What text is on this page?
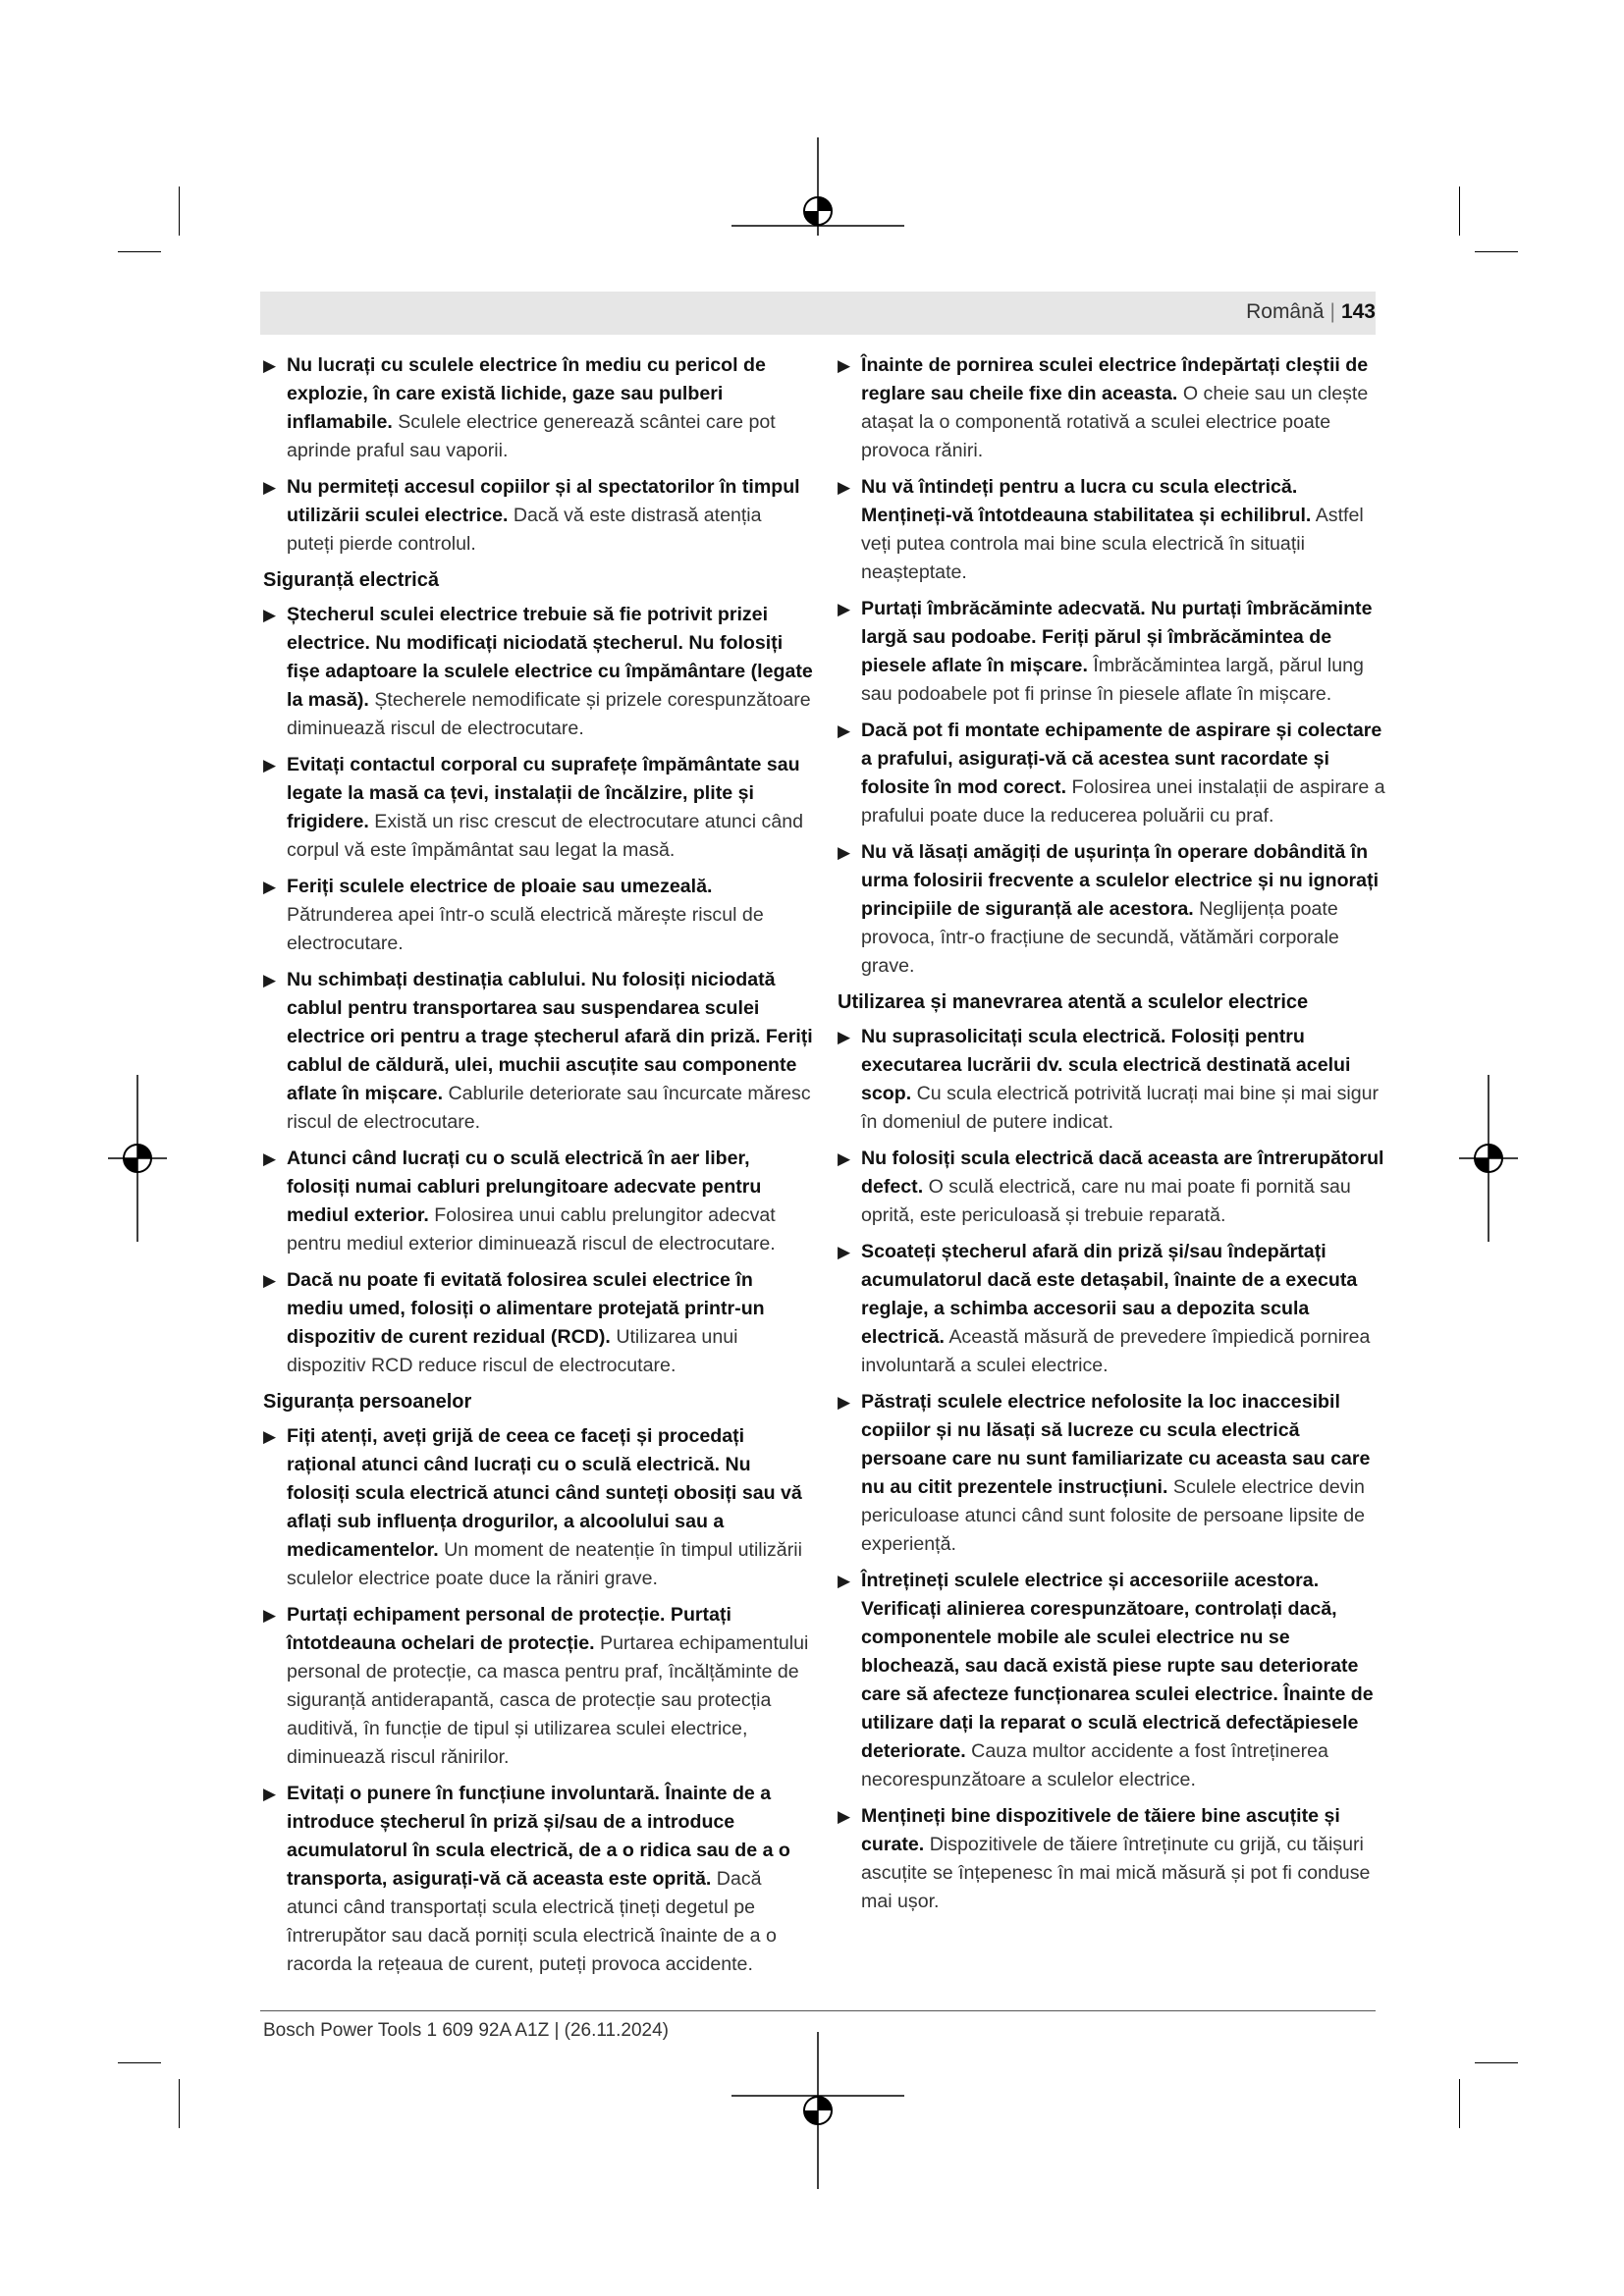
Română | 143
▶ Nu lucrați cu sculele electrice în mediu cu pericol de explozie, în care există lichide, gaze sau pulberi inflamabile. Sculele electrice generează scântei care pot aprinde praful sau vaporii.
▶ Nu permiteți accesul copiilor și al spectatorilor în timpul utilizării sculei electrice. Dacă vă este distrasă atenția puteți pierde controlul.
Siguranță electrică
▶ Ștecherul sculei electrice trebuie să fie potrivit prizei electrice. Nu modificați niciodată ștecherul. Nu folosiți fișe adaptoare la sculele electrice cu împământare (legate la masă). Ștecherele nemodificate și prizele corespunzătoare diminuează riscul de electrocutare.
▶ Evitați contactul corporal cu suprafețe împământate sau legate la masă ca țevi, instalații de încălzire, plite și frigidere. Există un risc crescut de electrocutare atunci când corpul vă este împământat sau legat la masă.
▶ Feriți sculele electrice de ploaie sau umezeală. Pătrunderea apei într-o sculă electrică mărește riscul de electrocutare.
▶ Nu schimbați destinația cablului. Nu folosiți niciodată cablul pentru transportarea sau suspendarea sculei electrice ori pentru a trage ștecherul afară din priză. Feriți cablul de căldură, ulei, muchii ascuțite sau componente aflate în mișcare. Cablurile deteriorate sau încurcate măresc riscul de electrocutare.
▶ Atunci când lucrați cu o sculă electrică în aer liber, folosiți numai cabluri prelungitoare adecvate pentru mediul exterior. Folosirea unui cablu prelungitor adecvat pentru mediul exterior diminuează riscul de electrocutare.
▶ Dacă nu poate fi evitată folosirea sculei electrice în mediu umed, folosiți o alimentare protejată printr-un dispozitiv de curent rezidual (RCD). Utilizarea unui dispozitiv RCD reduce riscul de electrocutare.
Siguranța persoanelor
▶ Fiți atenți, aveți grijă de ceea ce faceți și procedați rațional atunci când lucrați cu o sculă electrică. Nu folosiți scula electrică atunci când sunteți obosiți sau vă aflați sub influența drogurilor, a alcoolului sau a medicamentelor. Un moment de neatenție în timpul utilizării sculelor electrice poate duce la răniri grave.
▶ Purtați echipament personal de protecție. Purtați întotdeauna ochelari de protecție. Purtarea echipamentului personal de protecție, ca masca pentru praf, încălțăminte de siguranță antiderapantă, casca de protecție sau protecția auditivă, în funcție de tipul și utilizarea sculei electrice, diminuează riscul rănirilor.
▶ Evitați o punere în funcțiune involuntară. Înainte de a introduce ștecherul în priză și/sau de a introduce acumulatorul în scula electrică, de a o ridica sau de a o transporta, asigurați-vă că aceasta este oprită. Dacă atunci când transportați scula electrică țineți degetul pe întrerupător sau dacă porniți scula electrică înainte de a o racorda la rețeaua de curent, puteți provoca accidente.
▶ Înainte de pornirea sculei electrice îndepărtați cleștii de reglare sau cheile fixe din aceasta. O cheie sau un clește atașat la o componentă rotativă a sculei electrice poate provoca răniri.
▶ Nu vă întindeți pentru a lucra cu scula electrică. Mențineți-vă întotdeauna stabilitatea și echilibrul. Astfel veți putea controla mai bine scula electrică în situații neașteptate.
▶ Purtați îmbrăcăminte adecvată. Nu purtați îmbrăcăminte largă sau podoabe. Feriți părul și îmbrăcămintea de piesele aflate în mișcare. Îmbrăcămintea largă, părul lung sau podoabele pot fi prinse în piesele aflate în mișcare.
▶ Dacă pot fi montate echipamente de aspirare și colectare a prafului, asigurați-vă că acestea sunt racordate și folosite în mod corect. Folosirea unei instalații de aspirare a prafului poate duce la reducerea poluării cu praf.
▶ Nu vă lăsați amăgiți de ușurința în operare dobândită în urma folosirii frecvente a sculelor electrice și nu ignorați principiile de siguranță ale acestora. Neglijența poate provoca, într-o fracțiune de secundă, vătămări corporale grave.
Utilizarea și manevrarea atentă a sculelor electrice
▶ Nu suprasolicitați scula electrică. Folosiți pentru executarea lucrării dv. scula electrică destinată acelui scop. Cu scula electrică potrivită lucrați mai bine și mai sigur în domeniul de putere indicat.
▶ Nu folosiți scula electrică dacă aceasta are întrerupătorul defect. O sculă electrică, care nu mai poate fi pornită sau oprită, este periculoasă și trebuie reparată.
▶ Scoateți ștecherul afară din priză și/sau îndepărtați acumulatorul dacă este detașabil, înainte de a executa reglaje, a schimba accesorii sau a depozita scula electrică. Această măsură de prevedere împiedică pornirea involuntară a sculei electrice.
▶ Păstrați sculele electrice nefolosite la loc inaccesibil copiilor și nu lăsați să lucreze cu scula electrică persoane care nu sunt familiarizate cu aceasta sau care nu au citit prezentele instrucțiuni. Sculele electrice devin periculoase atunci când sunt folosite de persoane lipsite de experiență.
▶ Întrețineți sculele electrice și accesoriile acestora. Verificați alinierea corespunzătoare, controlați dacă, componentele mobile ale sculei electrice nu se blochează, sau dacă există piese rupte sau deteriorate care să afecteze funcționarea sculei electrice. Înainte de utilizare dați la reparat o sculă electrică defectăpiesele deteriorate. Cauza multor accidente a fost întreținerea necorespunzătoare a sculelor electrice.
▶ Mențineți bine dispozitivele de tăiere bine ascuțite și curate. Dispozitivele de tăiere întreținute cu grijă, cu tăișuri ascuțite se înțepenesc în mai mică măsură și pot fi conduse mai ușor.
Bosch Power Tools 1 609 92A A1Z | (26.11.2024)
